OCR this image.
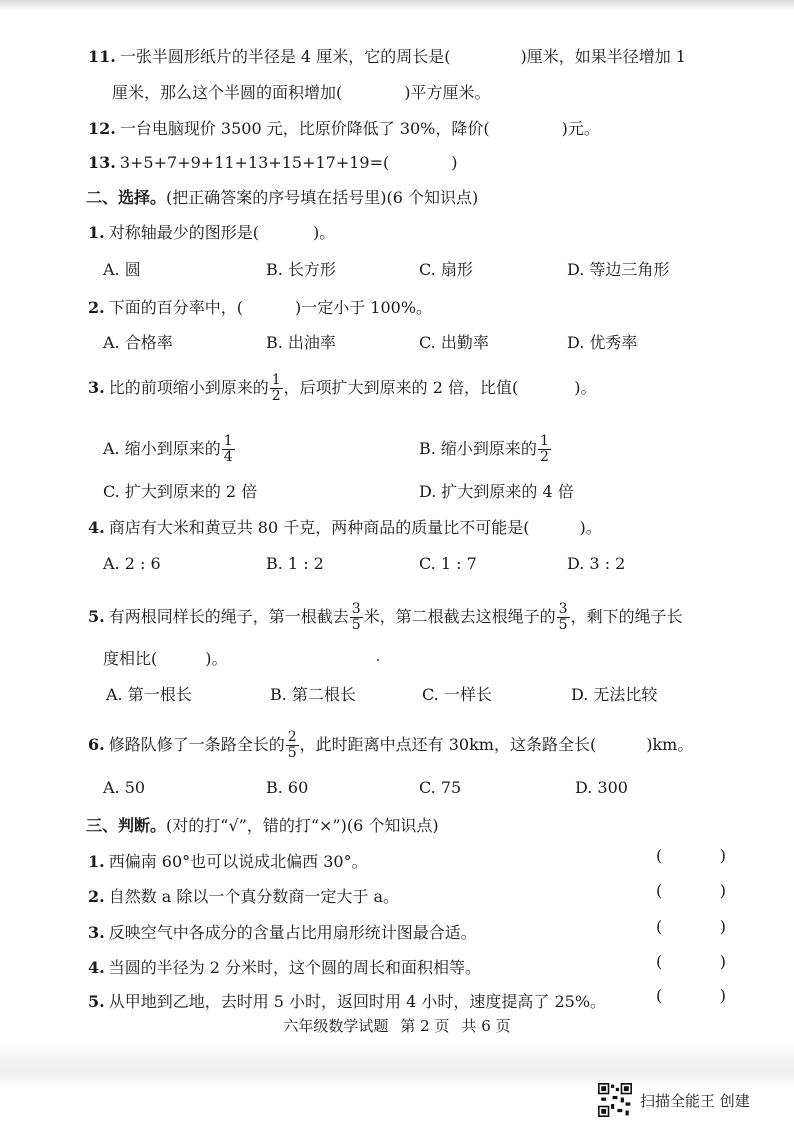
11. 一张半圆形纸片的半径是 4 厘米，它的周长是 (  )	厘米，如果半径增加 1
厘米，那么这个半圆的面积增加 (  )	平方厘米。
12. 一台电脑现价 3500 元，比原价降低了 30%，降价 (  )	元。
13. 3+5+7+9+11+13+15+17+19=(  )
二、选择。(把正确答案的序号填在括号里)(6 个知识点)
1. 对称轴最少的图形是 (  )	。
A. 圆	B. 长方形	C. 扇形	D. 等边三角形
2. 下面的百分率中， (  )	一定小于 100%。
A. 合格率	B. 出油率	C. 出勤率	D. 优秀率
3. 比的前项缩小到原来的 $\frac{1}{2}$ ，后项扩大到原来的 2 倍，比值 (  )	。
A. 缩小到原来的 $\frac{1}{4}$	B. 缩小到原来的 $\frac{1}{2}$
C. 扩大到原来的 2 倍	D. 扩大到原来的 4 倍
4. 商店有大米和黄豆共 80 千克，两种商品的质量比不可能是 (  )	。
A. 2 : 6	B. 1 : 2	C. 1 : 7	D. 3 : 2
5. 有两根同样长的绳子，第一根截去 $\frac{3}{5}$ 米，第二根截去这根绳子的 $\frac{3}{5}$ ，剩下的绳子长
度相比 (  )	。
A. 第一根长	B. 第二根长	C. 一样长	D. 无法比较
6. 修路队修了一条路全长的 $\frac{2}{5}$ ，此时距离中点还有 30km，这条路全长 (  )	km。
A. 50	B. 60	C. 75	D. 300
三、判断。(对的打“√”，错的打“×”)(6 个知识点)
1. 西偏南 60°也可以说成北偏西 30°。	(	)
2. 自然数 a 除以一个真分数商一定大于 a。	(	)
3. 反映空气中各成分的含量占比用扇形统计图最合适。	(	)
4. 当圆的半径为 2 分米时，这个圆的周长和面积相等。	(	)
5. 从甲地到乙地，去时用 5 小时，返回时用 4 小时，速度提高了 25%。	(	)
六年级数学试题 第 2 页 共 6 页
扫描全能王 创建
